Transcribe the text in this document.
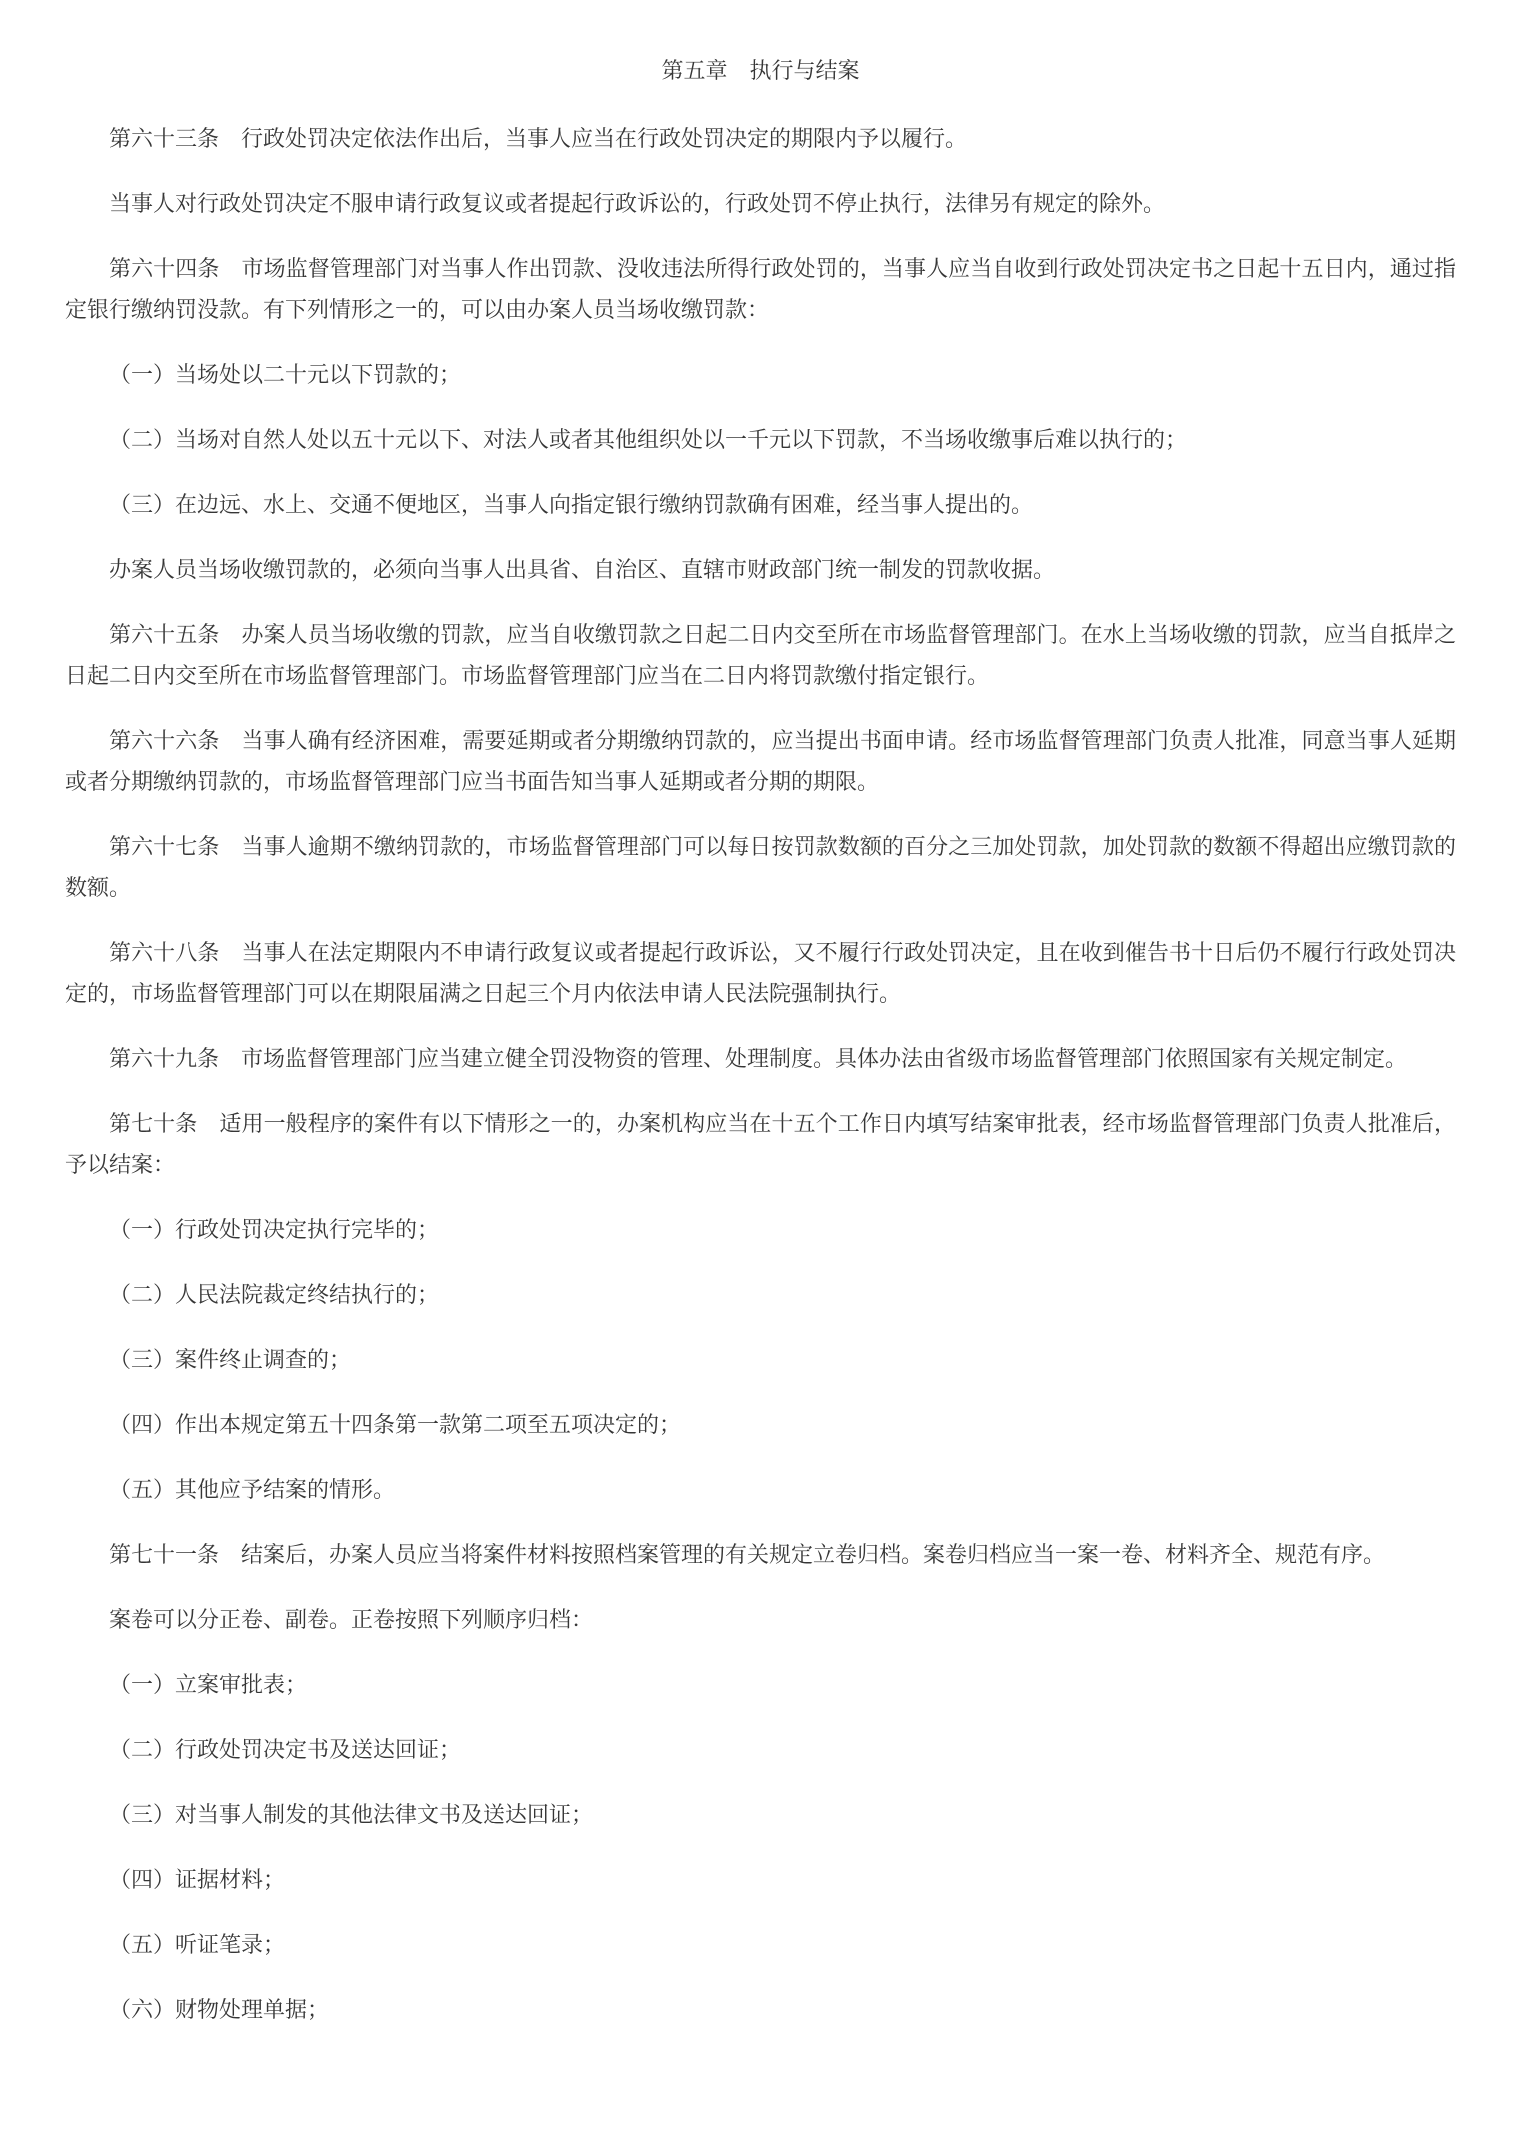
第五章　执行与结案

第六十三条　行政处罚决定依法作出后，当事人应当在行政处罚决定的期限内予以履行。

当事人对行政处罚决定不服申请行政复议或者提起行政诉讼的，行政处罚不停止执行，法律另有规定的除外。

第六十四条　市场监督管理部门对当事人作出罚款、没收违法所得行政处罚的，当事人应当自收到行政处罚决定书之日起十五日内，通过指定银行缴纳罚没款。有下列情形之一的，可以由办案人员当场收缴罚款：

（一）当场处以二十元以下罚款的；

（二）当场对自然人处以五十元以下、对法人或者其他组织处以一千元以下罚款，不当场收缴事后难以执行的；

（三）在边远、水上、交通不便地区，当事人向指定银行缴纳罚款确有困难，经当事人提出的。

办案人员当场收缴罚款的，必须向当事人出具省、自治区、直辖市财政部门统一制发的罚款收据。

第六十五条　办案人员当场收缴的罚款，应当自收缴罚款之日起二日内交至所在市场监督管理部门。在水上当场收缴的罚款，应当自抵岸之日起二日内交至所在市场监督管理部门。市场监督管理部门应当在二日内将罚款缴付指定银行。

第六十六条　当事人确有经济困难，需要延期或者分期缴纳罚款的，应当提出书面申请。经市场监督管理部门负责人批准，同意当事人延期或者分期缴纳罚款的，市场监督管理部门应当书面告知当事人延期或者分期的期限。

第六十七条　当事人逾期不缴纳罚款的，市场监督管理部门可以每日按罚款数额的百分之三加处罚款，加处罚款的数额不得超出应缴罚款的数额。

第六十八条　当事人在法定期限内不申请行政复议或者提起行政诉讼，又不履行行政处罚决定，且在收到催告书十日后仍不履行行政处罚决定的，市场监督管理部门可以在期限届满之日起三个月内依法申请人民法院强制执行。

第六十九条　市场监督管理部门应当建立健全罚没物资的管理、处理制度。具体办法由省级市场监督管理部门依照国家有关规定制定。

第七十条　适用一般程序的案件有以下情形之一的，办案机构应当在十五个工作日内填写结案审批表，经市场监督管理部门负责人批准后，予以结案：

（一）行政处罚决定执行完毕的；

（二）人民法院裁定终结执行的；

（三）案件终止调查的；

（四）作出本规定第五十四条第一款第二项至五项决定的；

（五）其他应予结案的情形。

第七十一条　结案后，办案人员应当将案件材料按照档案管理的有关规定立卷归档。案卷归档应当一案一卷、材料齐全、规范有序。

案卷可以分正卷、副卷。正卷按照下列顺序归档：

（一）立案审批表；

（二）行政处罚决定书及送达回证；

（三）对当事人制发的其他法律文书及送达回证；

（四）证据材料；

（五）听证笔录；

（六）财物处理单据；
